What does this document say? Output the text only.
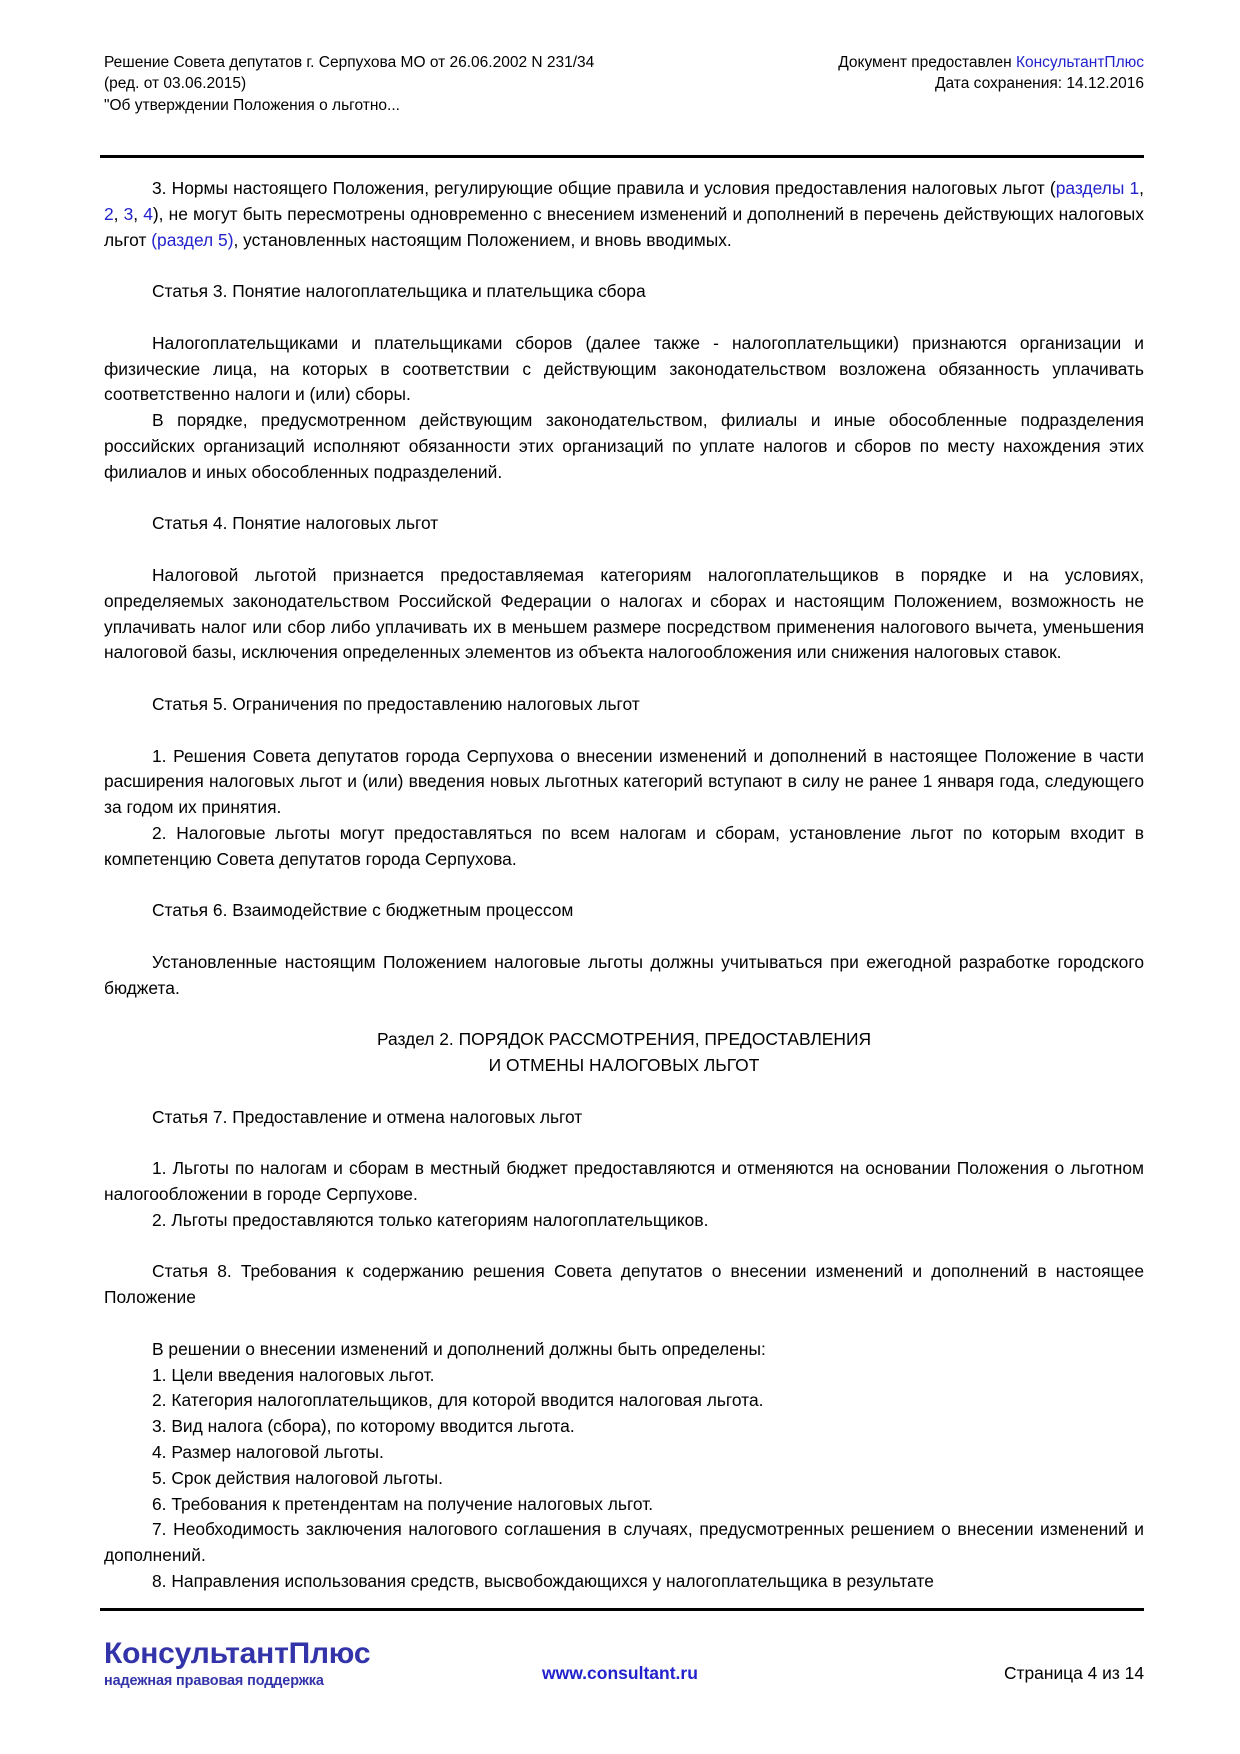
Решение Совета депутатов г. Серпухова МО от 26.06.2002 N 231/34
(ред. от 03.06.2015)
"Об утверждении Положения о льготно...
Документ предоставлен КонсультантПлюс
Дата сохранения: 14.12.2016

3. Нормы настоящего Положения, регулирующие общие правила и условия предоставления налоговых льгот (разделы 1, 2, 3, 4), не могут быть пересмотрены одновременно с внесением изменений и дополнений в перечень действующих налоговых льгот (раздел 5), установленных настоящим Положением, и вновь вводимых.

Статья 3. Понятие налогоплательщика и плательщика сбора

Налогоплательщиками и плательщиками сборов (далее также - налогоплательщики) признаются организации и физические лица, на которых в соответствии с действующим законодательством возложена обязанность уплачивать соответственно налоги и (или) сборы.

В порядке, предусмотренном действующим законодательством, филиалы и иные обособленные подразделения российских организаций исполняют обязанности этих организаций по уплате налогов и сборов по месту нахождения этих филиалов и иных обособленных подразделений.

Статья 4. Понятие налоговых льгот

Налоговой льготой признается предоставляемая категориям налогоплательщиков в порядке и на условиях, определяемых законодательством Российской Федерации о налогах и сборах и настоящим Положением, возможность не уплачивать налог или сбор либо уплачивать их в меньшем размере посредством применения налогового вычета, уменьшения налоговой базы, исключения определенных элементов из объекта налогообложения или снижения налоговых ставок.

Статья 5. Ограничения по предоставлению налоговых льгот

1. Решения Совета депутатов города Серпухова о внесении изменений и дополнений в настоящее Положение в части расширения налоговых льгот и (или) введения новых льготных категорий вступают в силу не ранее 1 января года, следующего за годом их принятия.

2. Налоговые льготы могут предоставляться по всем налогам и сборам, установление льгот по которым входит в компетенцию Совета депутатов города Серпухова.

Статья 6. Взаимодействие с бюджетным процессом

Установленные настоящим Положением налоговые льготы должны учитываться при ежегодной разработке городского бюджета.

Раздел 2. ПОРЯДОК РАССМОТРЕНИЯ, ПРЕДОСТАВЛЕНИЯ

И ОТМЕНЫ НАЛОГОВЫХ ЛЬГОТ

Статья 7. Предоставление и отмена налоговых льгот

1. Льготы по налогам и сборам в местный бюджет предоставляются и отменяются на основании Положения о льготном налогообложении в городе Серпухове.

2. Льготы предоставляются только категориям налогоплательщиков.

Статья 8. Требования к содержанию решения Совета депутатов о внесении изменений и дополнений в настоящее Положение

В решении о внесении изменений и дополнений должны быть определены:

1. Цели введения налоговых льгот.

2. Категория налогоплательщиков, для которой вводится налоговая льгота.

3. Вид налога (сбора), по которому вводится льгота.

4. Размер налоговой льготы.

5. Срок действия налоговой льготы.

6. Требования к претендентам на получение налоговых льгот.

7. Необходимость заключения налогового соглашения в случаях, предусмотренных решением о внесении изменений и дополнений.

8. Направления использования средств, высвобождающихся у налогоплательщика в результате

КонсультантПлюс
надежная правовая поддержка	www.consultant.ru	Страница 4 из 14
